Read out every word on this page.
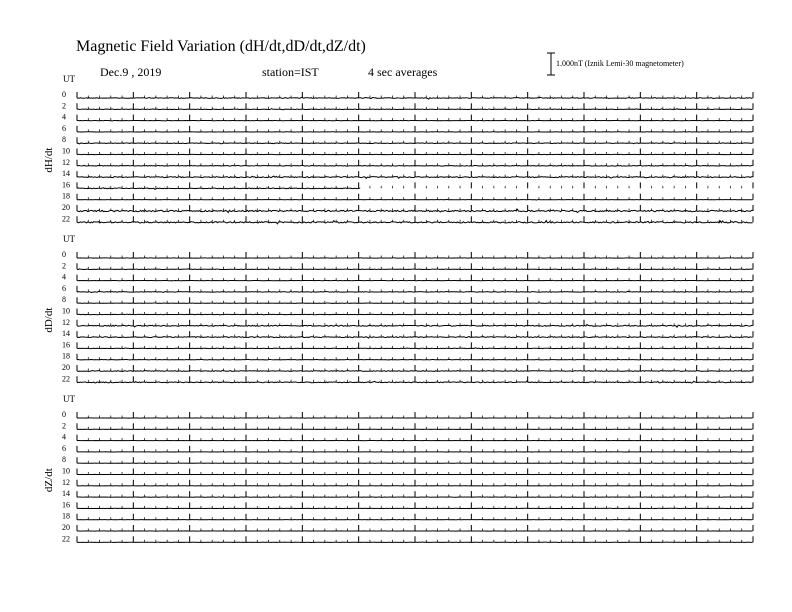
Magnetic Field Variation (dH/dt,dD/dt,dZ/dt)
Dec.9 , 2019	station=IST	4 sec averages
1.000nT (Iznik Lemi-30 magnetometer)
UT
dH/dt
0
2
4
6
8
10
12
14
16
18
20
22
UT
dD/dt
0
2
4
6
8
10
12
14
16
18
20
22
UT
dZ/dt
0
2
4
6
8
10
12
14
16
18
20
22
